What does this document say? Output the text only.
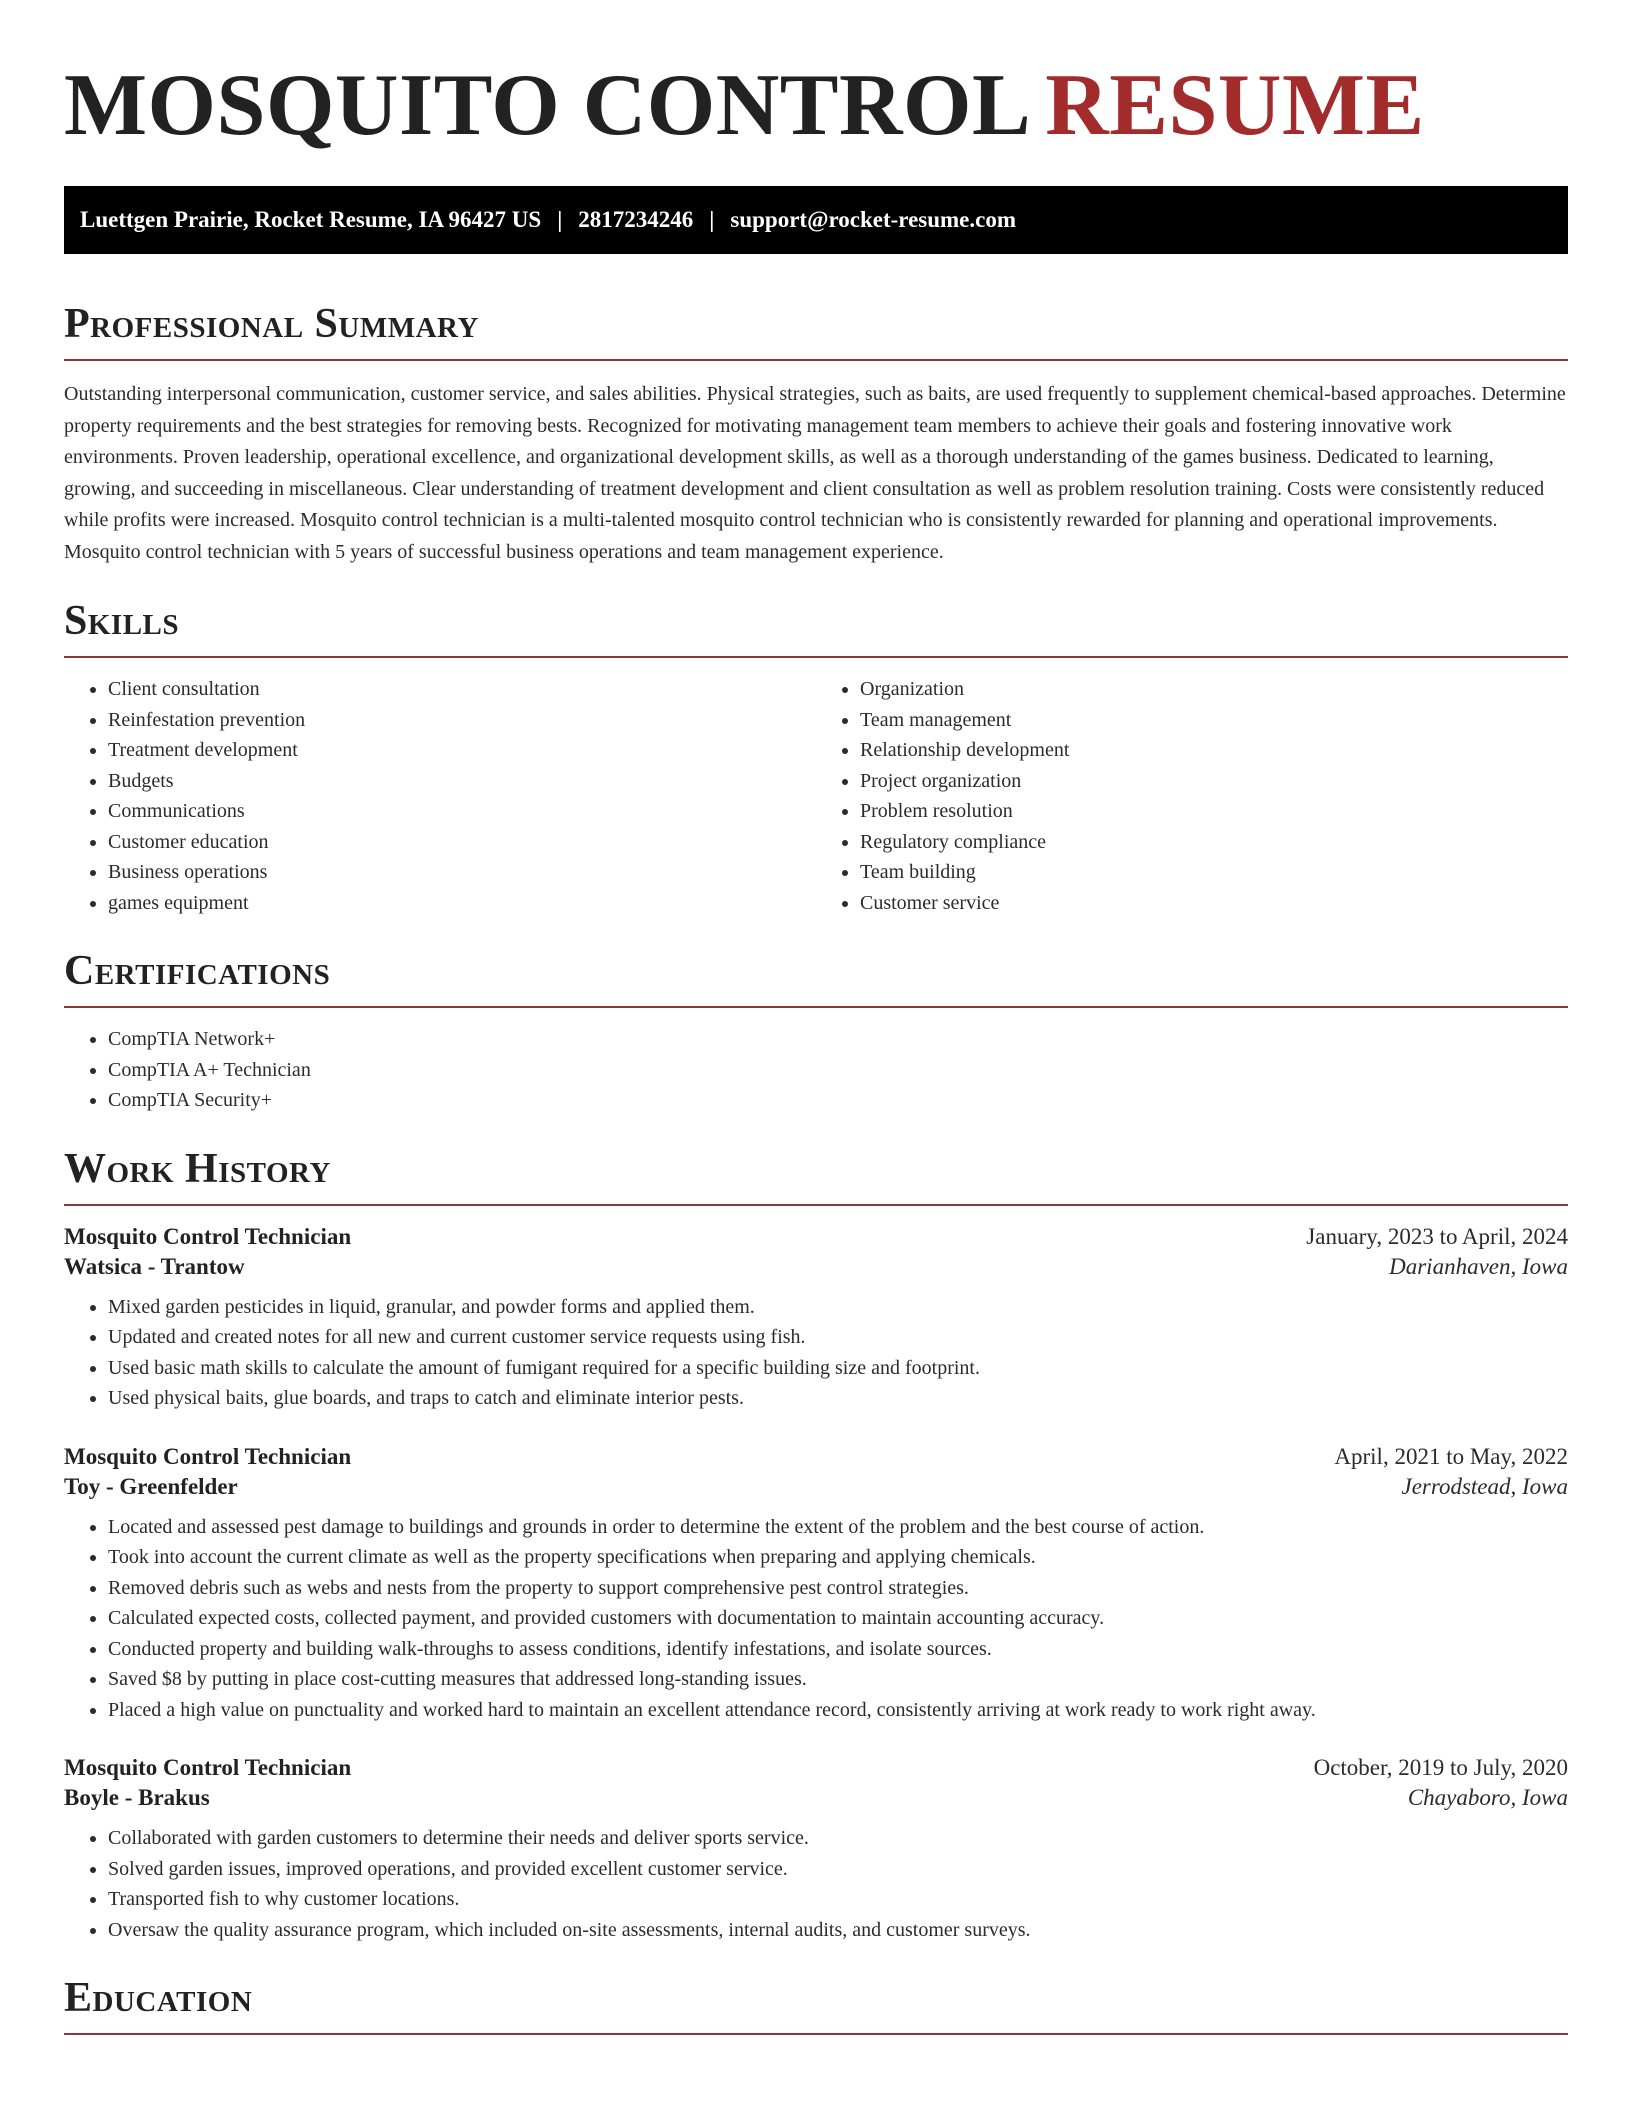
MOSQUITO CONTROL RESUME
Luettgen Prairie, Rocket Resume, IA 96427 US | 2817234246 | support@rocket-resume.com
Professional Summary

Outstanding interpersonal communication, customer service, and sales abilities. Physical strategies, such as baits, are used frequently to supplement chemical-based approaches. Determine property requirements and the best strategies for removing bests. Recognized for motivating management team members to achieve their goals and fostering innovative work environments. Proven leadership, operational excellence, and organizational development skills, as well as a thorough understanding of the games business. Dedicated to learning, growing, and succeeding in miscellaneous. Clear understanding of treatment development and client consultation as well as problem resolution training. Costs were consistently reduced while profits were increased. Mosquito control technician is a multi-talented mosquito control technician who is consistently rewarded for planning and operational improvements. Mosquito control technician with 5 years of successful business operations and team management experience.

Skills
• Client consultation
• Reinfestation prevention
• Treatment development
• Budgets
• Communications
• Customer education
• Business operations
• games equipment
• Organization
• Team management
• Relationship development
• Project organization
• Problem resolution
• Regulatory compliance
• Team building
• Customer service
Certifications
• CompTIA Network+
• CompTIA A+ Technician
• CompTIA Security+
Work History
Mosquito Control Technician	January, 2023 to April, 2024
Watsica - Trantow	Darianhaven, Iowa
• Mixed garden pesticides in liquid, granular, and powder forms and applied them.
• Updated and created notes for all new and current customer service requests using fish.
• Used basic math skills to calculate the amount of fumigant required for a specific building size and footprint.
• Used physical baits, glue boards, and traps to catch and eliminate interior pests.
Mosquito Control Technician	April, 2021 to May, 2022
Toy - Greenfelder	Jerrodstead, Iowa
• Located and assessed pest damage to buildings and grounds in order to determine the extent of the problem and the best course of action.
• Took into account the current climate as well as the property specifications when preparing and applying chemicals.
• Removed debris such as webs and nests from the property to support comprehensive pest control strategies.
• Calculated expected costs, collected payment, and provided customers with documentation to maintain accounting accuracy.
• Conducted property and building walk-throughs to assess conditions, identify infestations, and isolate sources.
• Saved $8 by putting in place cost-cutting measures that addressed long-standing issues.
• Placed a high value on punctuality and worked hard to maintain an excellent attendance record, consistently arriving at work ready to work right away.
Mosquito Control Technician	October, 2019 to July, 2020
Boyle - Brakus	Chayaboro, Iowa
• Collaborated with garden customers to determine their needs and deliver sports service.
• Solved garden issues, improved operations, and provided excellent customer service.
• Transported fish to why customer locations.
• Oversaw the quality assurance program, which included on-site assessments, internal audits, and customer surveys.
Education
